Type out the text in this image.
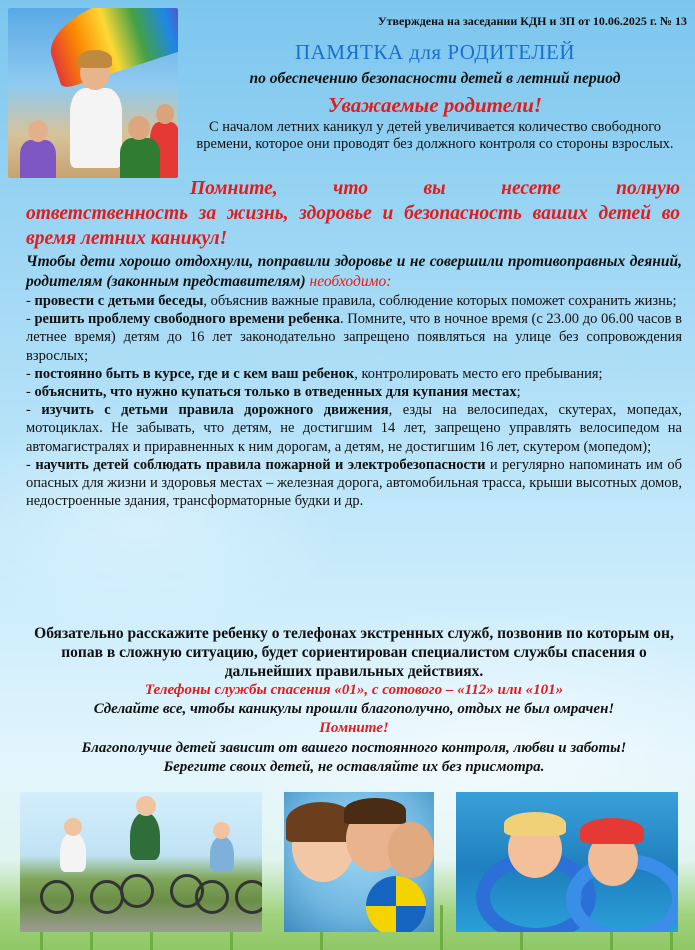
Утверждена на заседании КДН и ЗП от 10.06.2025 г. № 13
ПАМЯТКА для РОДИТЕЛЕЙ
по обеспечению безопасности детей в летний период
Уважаемые родители!
С началом летних каникул у детей увеличивается количество свободного времени, которое они проводят без должного контроля со стороны взрослых.
Помните, что вы несете полную
ответственность за жизнь, здоровье и безопасность ваших детей во время летних каникул!

Чтобы дети хорошо отдохнули, поправили здоровье и не совершили противоправных деяний, родителям (законным представителям) необходимо:

- провести с детьми беседы, объяснив важные правила, соблюдение которых поможет сохранить жизнь;

- решить проблему свободного времени ребенка. Помните, что в ночное время (с 23.00 до 06.00 часов в летнее время) детям до 16 лет законодательно запрещено появляться на улице без сопровождения взрослых;

- постоянно быть в курсе, где и с кем ваш ребенок, контролировать место его пребывания;

- объяснить, что нужно купаться только в отведенных для купания местах;

- изучить с детьми правила дорожного движения, езды на велосипедах, скутерах, мопедах, мотоциклах. Не забывать, что детям, не достигшим 14 лет, запрещено управлять велосипедом на автомагистралях и приравненных к ним дорогам, а детям, не достигшим 16 лет, скутером (мопедом);

- научить детей соблюдать правила пожарной и электробезопасности и регулярно напоминать им об опасных для жизни и здоровья местах – железная дорога, автомобильная трасса, крыши высотных домов, недостроенные здания, трансформаторные будки и др.

Обязательно расскажите ребенку о телефонах экстренных служб, позвонив по которым он, попав в сложную ситуацию, будет сориентирован специалистом службы спасения о дальнейших правильных действиях.
Телефоны службы спасения «01», с сотового – «112» или «101»
Сделайте все, чтобы каникулы прошли благополучно, отдых не был омрачен!
Помните!
Благополучие детей зависит от вашего постоянного контроля, любви и заботы!
Берегите своих детей, не оставляйте их без присмотра.
